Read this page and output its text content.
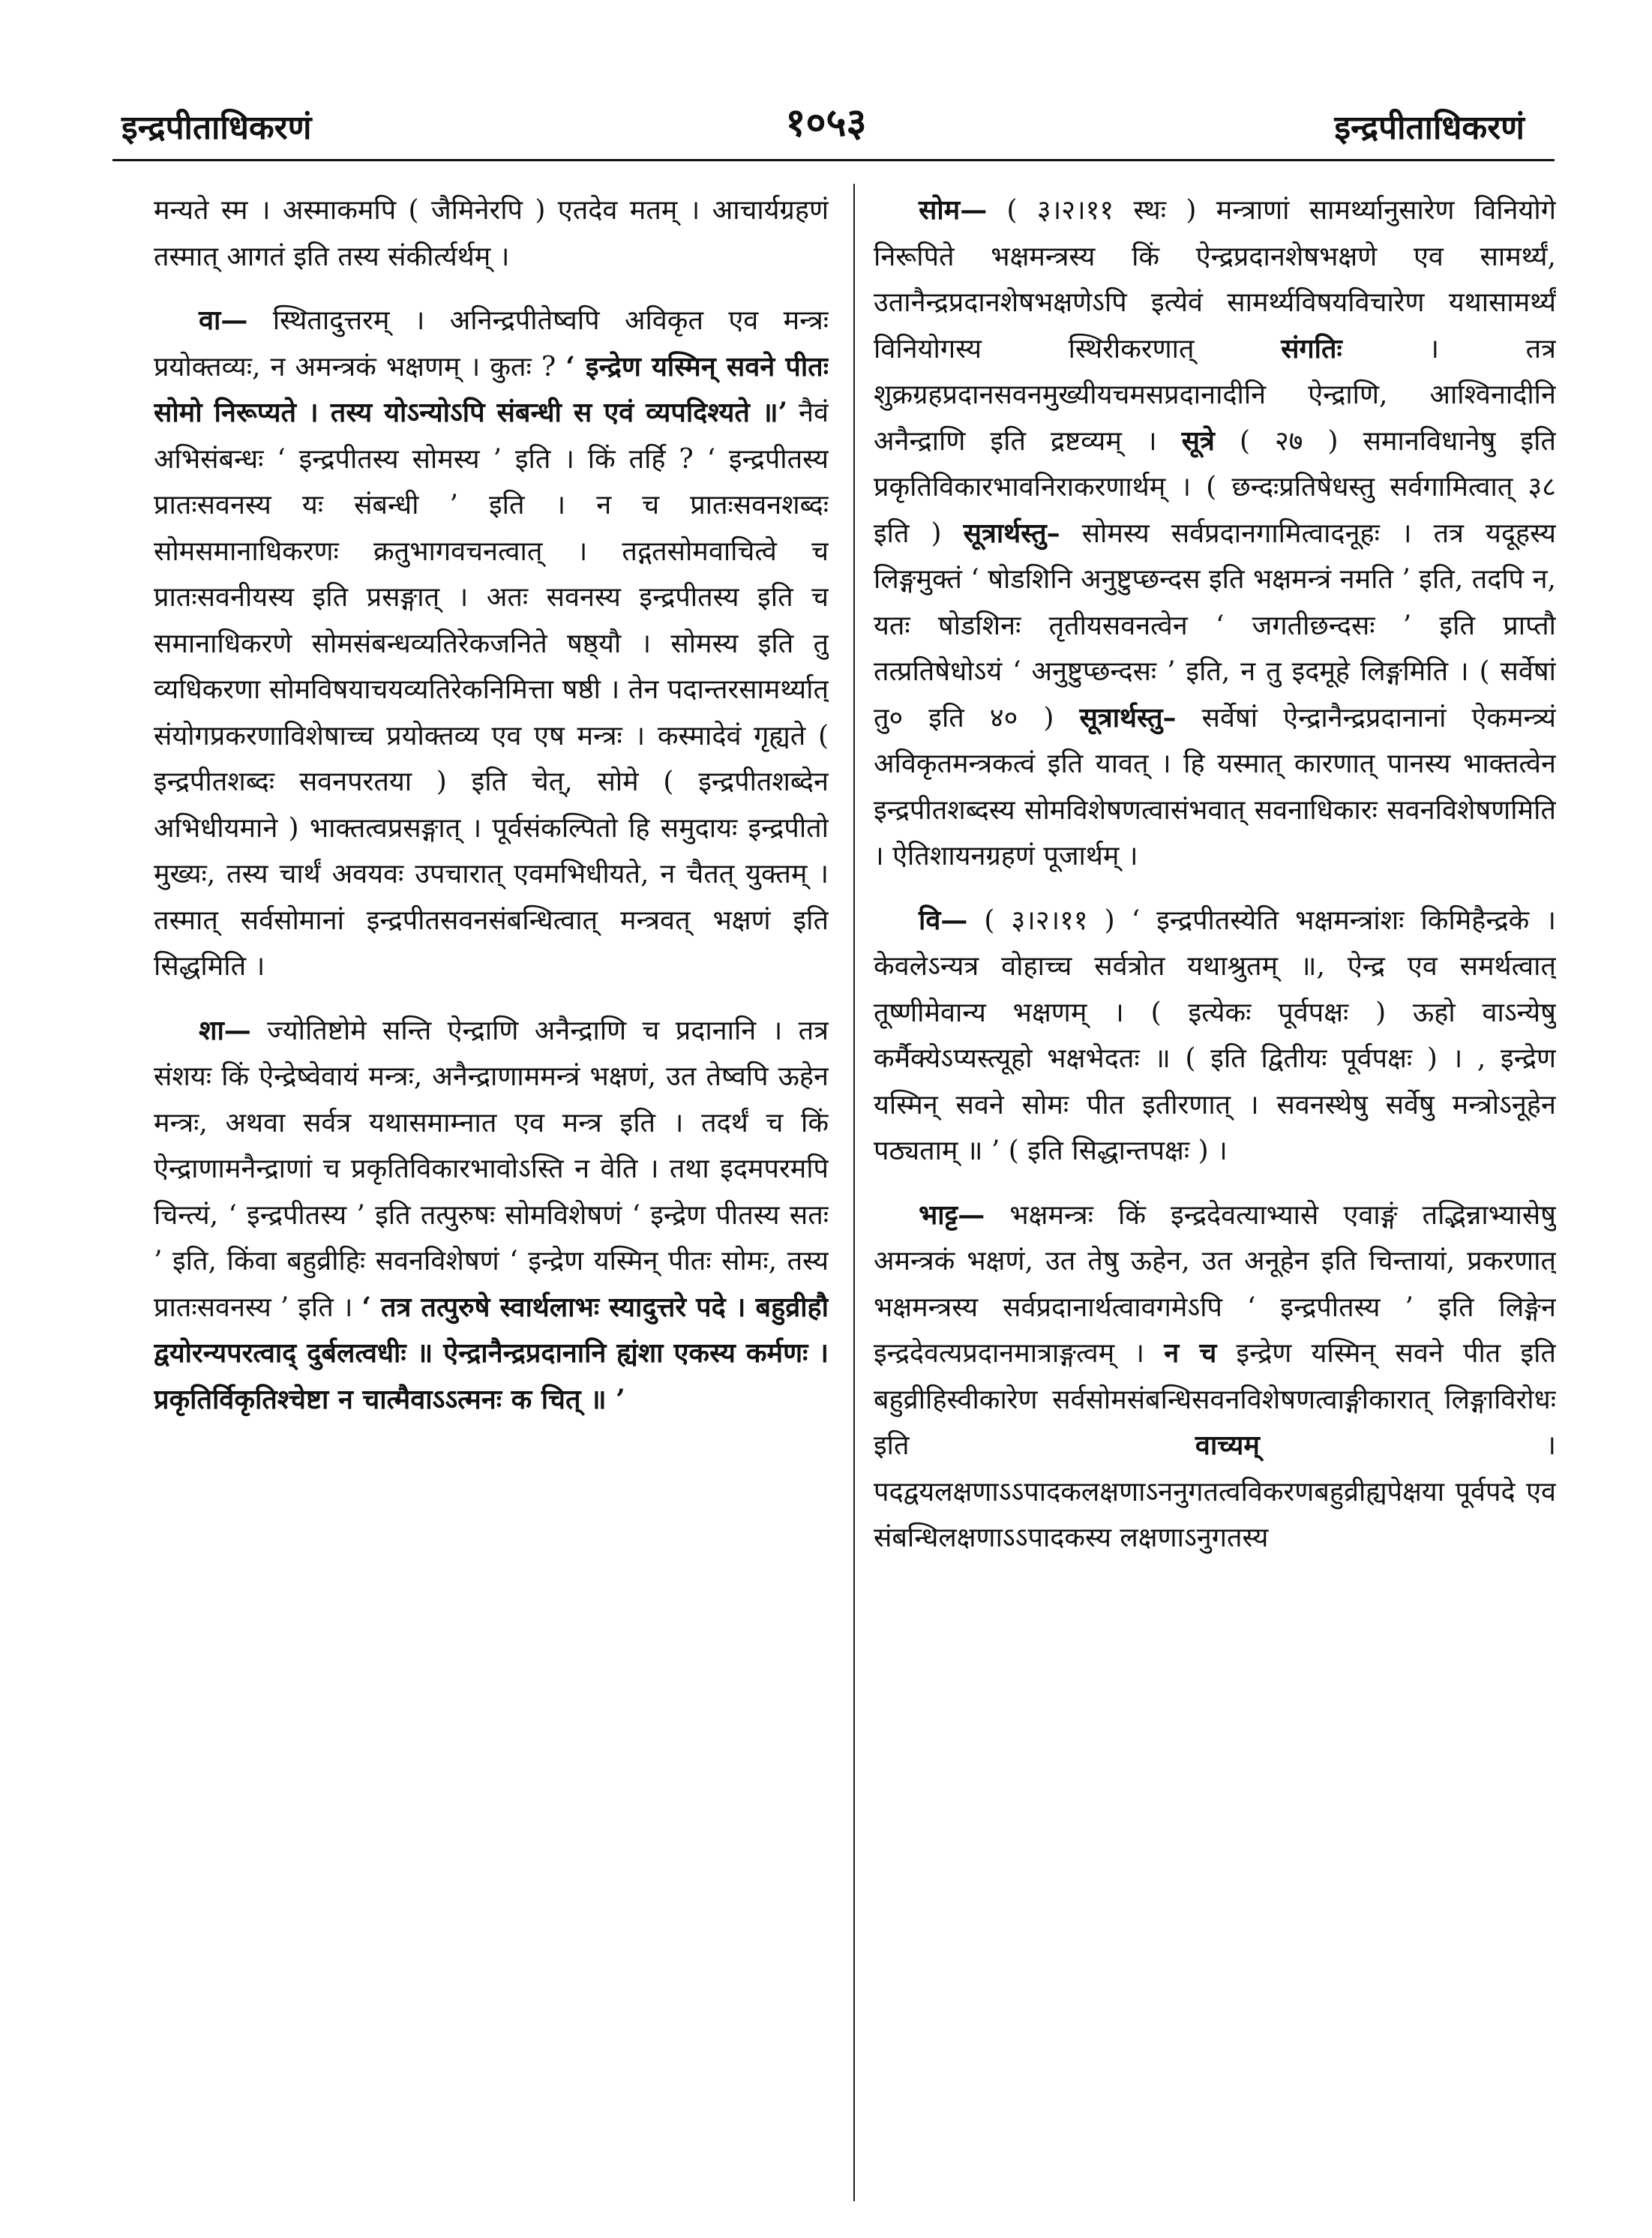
इन्द्रपीताधिकरणं	१०५३	इन्द्रपीताधिकरणं

मन्यते स्म । अस्माकमपि ( जैमिनेरपि ) एतदेव मतम् । आचार्यग्रहणं तस्मात् आगतं इति तस्य संकीर्त्यर्थम् ।

वा— स्थितादुत्तरम् । अनिन्द्रपीतेष्वपि अविकृत एव मन्त्रः प्रयोक्तव्यः, न अमन्त्रकं भक्षणम् । कुतः ? ‘ इन्द्रेण यस्मिन् सवने पीतः सोमो निरूप्यते । तस्य योऽन्योऽपि संबन्धी स एवं व्यपदिश्यते ॥’ नैवं अभिसंबन्धः ‘ इन्द्रपीतस्य सोमस्य ’ इति । किं तर्हि ? ‘ इन्द्रपीतस्य प्रातःसवनस्य यः संबन्धी ’ इति । न च प्रातःसवनशब्दः सोमसमानाधिकरणः क्रतुभागवचनत्वात् । तद्गतसोमवाचित्वे च प्रातःसवनीयस्य इति प्रसङ्गात् । अतः सवनस्य इन्द्रपीतस्य इति च समानाधिकरणे सोमसंबन्धव्यतिरेकजनिते षष्ठ्यौ । सोमस्य इति तु व्यधिकरणा सोमविषयाचयव्यतिरेकनिमित्ता षष्ठी । तेन पदान्तरसामर्थ्यात् संयोगप्रकरणाविशेषाच्च प्रयोक्तव्य एव एष मन्त्रः । कस्मादेवं गृह्यते ( इन्द्रपीतशब्दः सवनपरतया ) इति चेत्, सोमे ( इन्द्रपीतशब्देन अभिधीयमाने ) भाक्तत्वप्रसङ्गात् । पूर्वसंकल्पितो हि समुदायः इन्द्रपीतो मुख्यः, तस्य चार्थं अवयवः उपचारात् एवमभिधीयते, न चैतत् युक्तम् । तस्मात् सर्वसोमानां इन्द्रपीतसवनसंबन्धित्वात् मन्त्रवत् भक्षणं इति सिद्धमिति ।

शा— ज्योतिष्टोमे सन्ति ऐन्द्राणि अनैन्द्राणि च प्रदानानि । तत्र संशयः किं ऐन्द्रेष्वेवायं मन्त्रः, अनैन्द्राणाममन्त्रं भक्षणं, उत तेष्वपि ऊहेन मन्त्रः, अथवा सर्वत्र यथासमाम्नात एव मन्त्र इति । तदर्थं च किं ऐन्द्राणामनैन्द्राणां च प्रकृतिविकारभावोऽस्ति न वेति । तथा इदमपरमपि चिन्त्यं, ‘ इन्द्रपीतस्य ’ इति तत्पुरुषः सोमविशेषणं ‘ इन्द्रेण पीतस्य सतः ’ इति, किंवा बहुव्रीहिः सवनविशेषणं ‘ इन्द्रेण यस्मिन् पीतः सोमः, तस्य प्रातःसवनस्य ’ इति । ‘ तत्र तत्पुरुषे स्वार्थलाभः स्यादुत्तरे पदे । बहुव्रीहौ द्वयोरन्यपरत्वाद् दुर्बलत्वधीः ॥ ऐन्द्रानैन्द्रप्रदानानि ह्यंशा एकस्य कर्मणः । प्रकृतिर्विकृतिश्चेष्टा न चात्मैवाऽऽत्मनः क चित् ॥ ’

सोम— ( ३।२।११ स्थः ) मन्त्राणां सामर्थ्यानुसारेण विनियोगे निरूपिते भक्षमन्त्रस्य किं ऐन्द्रप्रदानशेषभक्षणे एव सामर्थ्यं, उतानैन्द्रप्रदानशेषभक्षणेऽपि इत्येवं सामर्थ्यविषयविचारेण यथासामर्थ्यं विनियोगस्य स्थिरीकरणात्	संगतिः	। तत्र शुक्रग्रहप्रदानसवनमुख्यीयचमसप्रदानादीनि ऐन्द्राणि, आश्विनादीनि अनैन्द्राणि इति द्रष्टव्यम् । सूत्रे ( २७ ) समानविधानेषु इति प्रकृतिविकारभावनिराकरणार्थम् । ( छन्दःप्रतिषेधस्तु सर्वगामित्वात् ३८ इति ) सूत्रार्थस्तु– सोमस्य सर्वप्रदानगामित्वादनूहः । तत्र यदूहस्य लिङ्गमुक्तं ‘ षोडशिनि अनुष्टुप्छन्दस इति भक्षमन्त्रं नमति ’ इति, तदपि न, यतः षोडशिनः तृतीयसवनत्वेन ‘ जगतीछन्दसः ’ इति प्राप्तौ तत्प्रतिषेधोऽयं ‘ अनुष्टुप्छन्दसः ’ इति, न तु इदमूहे लिङ्गमिति । ( सर्वेषां तु० इति ४० ) सूत्रार्थस्तु– सर्वेषां ऐन्द्रानैन्द्रप्रदानानां ऐकमन्त्र्यं अविकृतमन्त्रकत्वं इति यावत् । हि यस्मात् कारणात् पानस्य भाक्तत्वेन इन्द्रपीतशब्दस्य सोमविशेषणत्वासंभवात् सवनाधिकारः सवनविशेषणमिति । ऐतिशायनग्रहणं पूजार्थम् ।

वि— ( ३।२।११ ) ‘ इन्द्रपीतस्येति भक्षमन्त्रांशः किमिहैन्द्रके । केवलेऽन्यत्र वोहाच्च सर्वत्रोत यथाश्रुतम् ॥, ऐन्द्र एव समर्थत्वात् तूष्णीमेवान्य भक्षणम् । ( इत्येकः पूर्वपक्षः ) ऊहो वाऽन्येषु कर्मैक्येऽप्यस्त्यूहो भक्षभेदतः ॥ ( इति द्वितीयः पूर्वपक्षः ) । , इन्द्रेण यस्मिन् सवने सोमः पीत इतीरणात् । सवनस्थेषु सर्वेषु मन्त्रोऽनूहेन पठ्यताम् ॥ ’ ( इति सिद्धान्तपक्षः ) ।

भाट्ट— भक्षमन्त्रः किं इन्द्रदेवत्याभ्यासे एवाङ्गं तद्भिन्नाभ्यासेषु अमन्त्रकं भक्षणं, उत तेषु ऊहेन, उत अनूहेन इति चिन्तायां, प्रकरणात् भक्षमन्त्रस्य सर्वप्रदानार्थत्वावगमेऽपि ‘ इन्द्रपीतस्य ’ इति लिङ्गेन इन्द्रदेवत्यप्रदानमात्राङ्गत्वम् । न च इन्द्रेण यस्मिन् सवने पीत इति बहुव्रीहिस्वीकारेण सर्वसोमसंबन्धिसवनविशेषणत्वाङ्गीकारात् लिङ्गाविरोधः इति	वाच्यम्	। पदद्वयलक्षणाऽऽपादकलक्षणाऽननुगतत्वविकरणबहुव्रीह्यपेक्षया पूर्वपदे एव संबन्धिलक्षणाऽऽपादकस्य लक्षणाऽनुगतस्य
